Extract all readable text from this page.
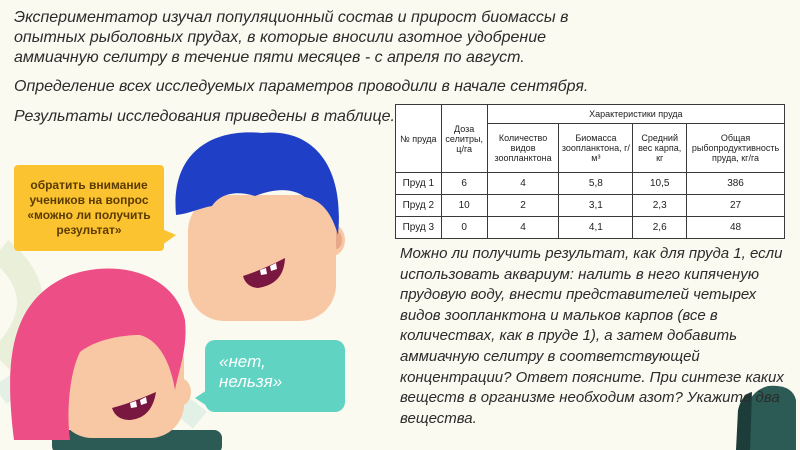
Экспериментатор изучал популяционный состав и прирост биомассы в опытных рыболовных прудах, в которые вносили азотное удобрение аммиачную селитру в течение пяти месяцев - с апреля по август.

Определение всех исследуемых параметров проводили в начале сентября.

Результаты исследования приведены в таблице.

№ пруда	Доза селитры, ц/га	Характеристики пруда			
		Количество видов зоопланктона	Биомасса зоопланктона, г/м³	Средний вес карпа, кг	Общая рыбопродуктивность пруда, кг/га
Пруд 1	6	4	5,8	10,5	386
Пруд 2	10	2	3,1	2,3	27
Пруд 3	0	4	4,1	2,6	48

Можно ли получить результат, как для пруда 1, если использовать аквариум: налить в него кипяченую прудовую воду, внести представителей четырех видов зоопланктона и мальков карпов (все в количествах, как в пруде 1), а затем добавить аммиачную селитру в соответствующей концентрации? Ответ поясните. При синтезе каких веществ в организме необходим азот? Укажите два вещества.

обратить внимание учеников на вопрос «можно ли получить результат»
«нет, нельзя»
